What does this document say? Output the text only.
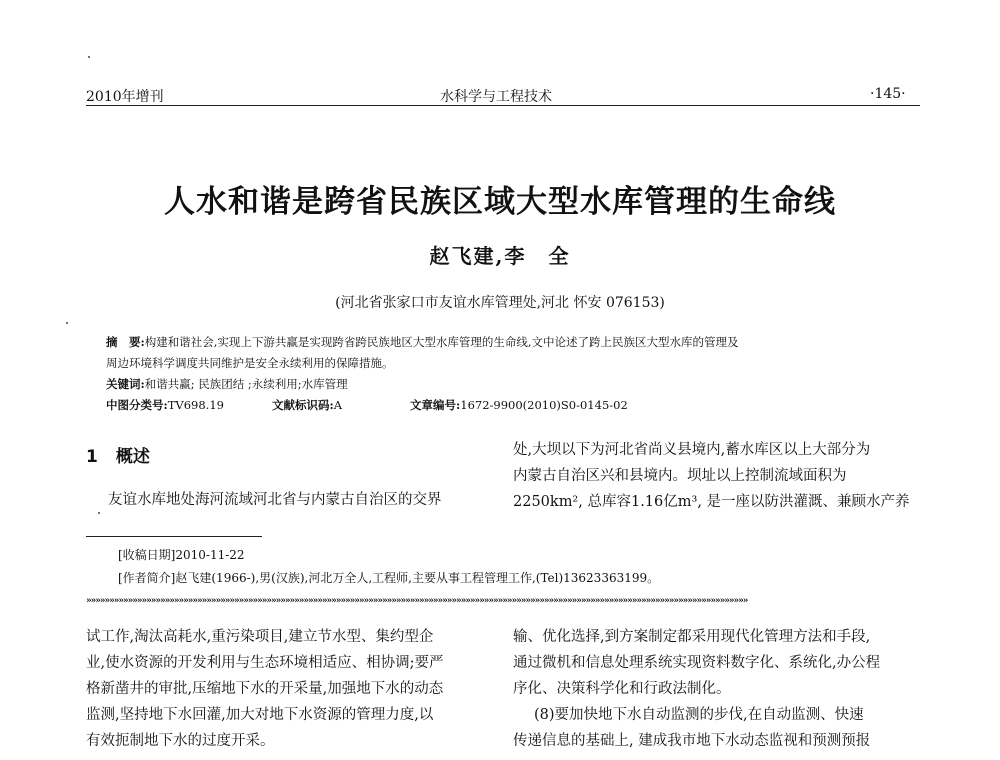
2010年增刊	水科学与工程技术	·145·
人水和谐是跨省民族区域大型水库管理的生命线
赵飞建,李　全
(河北省张家口市友谊水库管理处,河北 怀安 076153)
摘　要:构建和谐社会,实现上下游共赢是实现跨省跨民族地区大型水库管理的生命线,文中论述了跨上民族区大型水库的管理及
周边环境科学调度共同维护是安全永续利用的保障措施。
关键词:和谐共赢; 民族团结 ;永续利用;水库管理
中图分类号:TV698.19	文献标识码:A	文章编号:1672-9900(2010)S0-0145-02
1 概述
友谊水库地处海河流域河北省与内蒙古自治区的交界
处,大坝以下为河北省尚义县境内,蓄水库区以上大部分为
内蒙古自治区兴和县境内。坝址以上控制流域面积为
2250km², 总库容1.16亿m³, 是一座以防洪灌溉、兼顾水产养
[收稿日期]2010-11-22
[作者简介]赵飞建(1966-),男(汉族),河北万全人,工程师,主要从事工程管理工作,(Tel)13623363199。
»»»»»»»»»»»»»»»»»»»»»»»»»»»»»»»»»»»»»»»»»»»»»»»»»»»»»»»»»»»»»»»»»»»»»»»»»»»»»»»»»»»»»»»»»»»»»»»»»»»»»»»»»»»»»»»»»»»»»»»»»»»»»»»»»»»»»»»»»»»»»»»
试工作,淘汰高耗水,重污染项目,建立节水型、集约型企
业,使水资源的开发利用与生态环境相适应、相协调;要严
格新凿井的审批,压缩地下水的开采量,加强地下水的动态
监测,坚持地下水回灌,加大对地下水资源的管理力度,以
有效扼制地下水的过度开采。
输、优化选择,到方案制定都采用现代化管理方法和手段,
通过微机和信息处理系统实现资料数字化、系统化,办公程
序化、决策科学化和行政法制化。
(8)要加快地下水自动监测的步伐,在自动监测、快速
传递信息的基础上, 建成我市地下水动态监视和预测预报
